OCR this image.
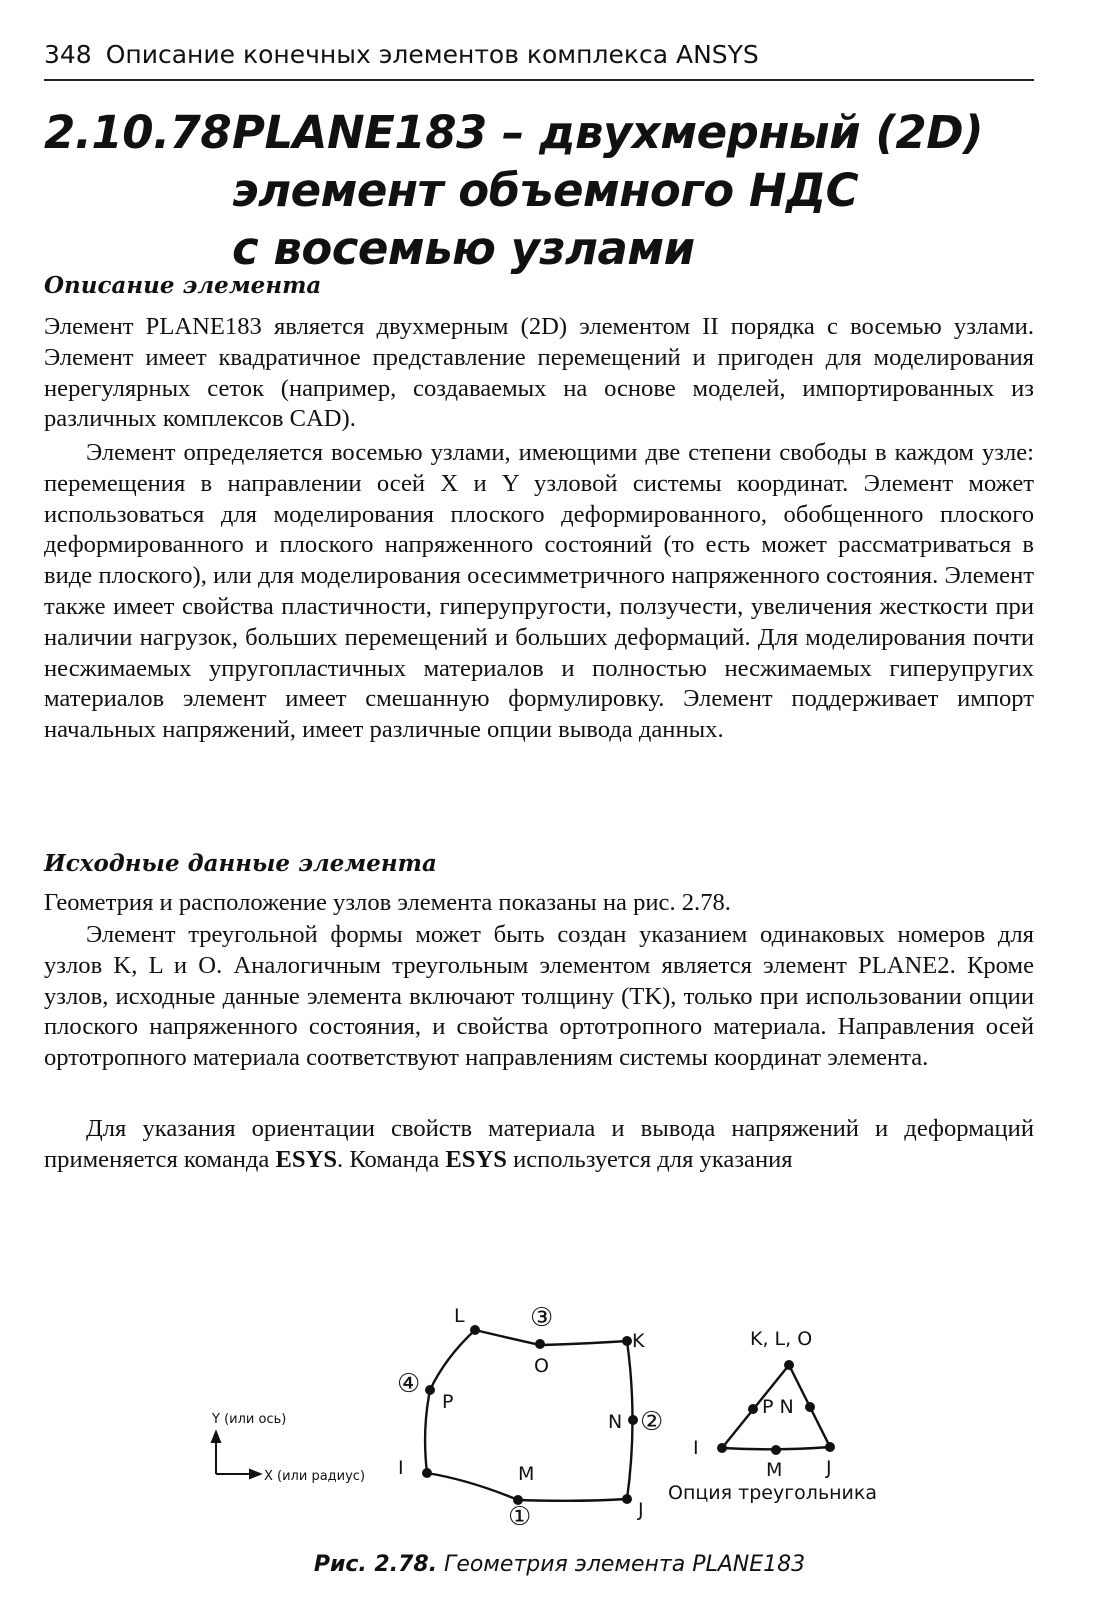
348 Описание конечных элементов комплекса ANSYS
2.10.78.PLANE183 – двухмерный (2D)
элемент объемного НДС
с восемью узлами
Описание элемента

Элемент PLANE183 является двухмерным (2D) элементом II порядка с восемью узлами. Элемент имеет квадратичное представление перемещений и пригоден для моделирования нерегулярных сеток (например, создаваемых на основе моделей, импортированных из различных комплексов CAD).

Элемент определяется восемью узлами, имеющими две степени свободы в каждом узле: перемещения в направлении осей X и Y узловой системы координат. Элемент может использоваться для моделирования плоского деформированного, обобщенного плоского деформированного и плоского напряженного состояний (то есть может рассматриваться в виде плоского), или для моделирования осесимметричного напряженного состояния. Элемент также имеет свойства пластичности, гиперупругости, ползучести, увеличения жесткости при наличии нагрузок, больших перемещений и больших деформаций. Для моделирования почти несжимаемых упругопластичных материалов и полностью несжимаемых гиперупругих материалов элемент имеет смешанную формулировку. Элемент поддерживает импорт начальных напряжений, имеет различные опции вывода данных.

Исходные данные элемента

Геометрия и расположение узлов элемента показаны на рис. 2.78.

Элемент треугольной формы может быть создан указанием одинаковых номеров для узлов K, L и O. Аналогичным треугольным элементом является элемент PLANE2. Кроме узлов, исходные данные элемента включают толщину (TK), только при использовании опции плоского напряженного состояния, и свойства ортотропного материала. Направления осей ортотропного материала соответствуют направлениям системы координат элемента.

Для указания ориентации свойств материала и вывода напряжений и деформаций применяется команда ESYS. Команда ESYS используется для указания

L
K
O
P
N
I	M
J
③
④
②
K, L, O
P N
I
M J
Опция треугольника
Y (или ось)
X (или радиус)
①
Рис. 2.78. Геометрия элемента PLANE183
